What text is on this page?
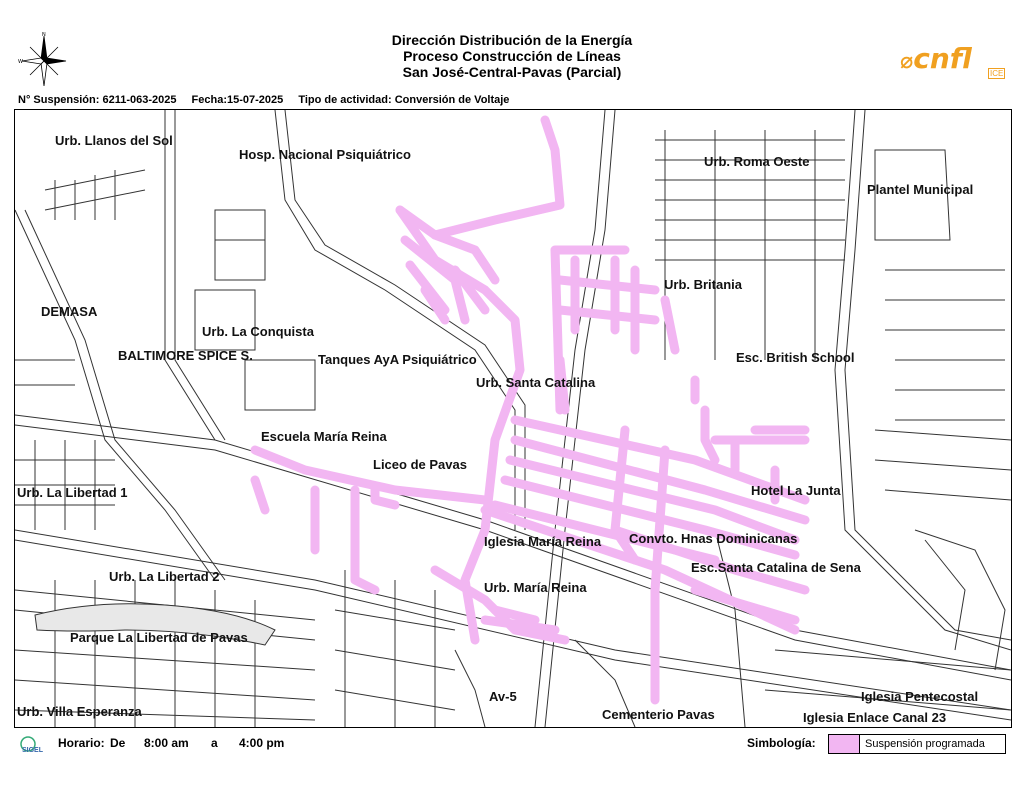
Dirección Distribución de la Energía
Proceso Construcción de Líneas
San José-Central-Pavas (Parcial)
N
W	⌀cnfl ICE
N° Suspensión: 6211-063-2025 Fecha:15-07-2025 Tipo de actividad: Conversión de Voltaje
Urb. Llanos del Sol
Hosp. Nacional Psiquiátrico	Urb. Roma Oeste
Plantel Municipal
Urb. Britania
DEMASA
Urb. La Conquista
BALTIMORE SPICE S.	Tanques AyA Psiquiátrico	Esc. British School
Urb. Santa Catalina
Escuela María Reina
Liceo de Pavas
Hotel La Junta
Urb. La Libertad 1
Iglesia María Reina Convto. Hnas Dominicanas
Esc.Santa Catalina de Sena
Urb. La Libertad 2
Urb. María Reina
Parque La Libertad de Pavas
Av-5	Iglesia Pentecostal
Urb. Villa Esperanza	Cementerio Pavas	Iglesia Enlace Canal 23
SIGEL
Horario: De 8:00 am a 4:00 pm	Simbología:	Suspensión programada
